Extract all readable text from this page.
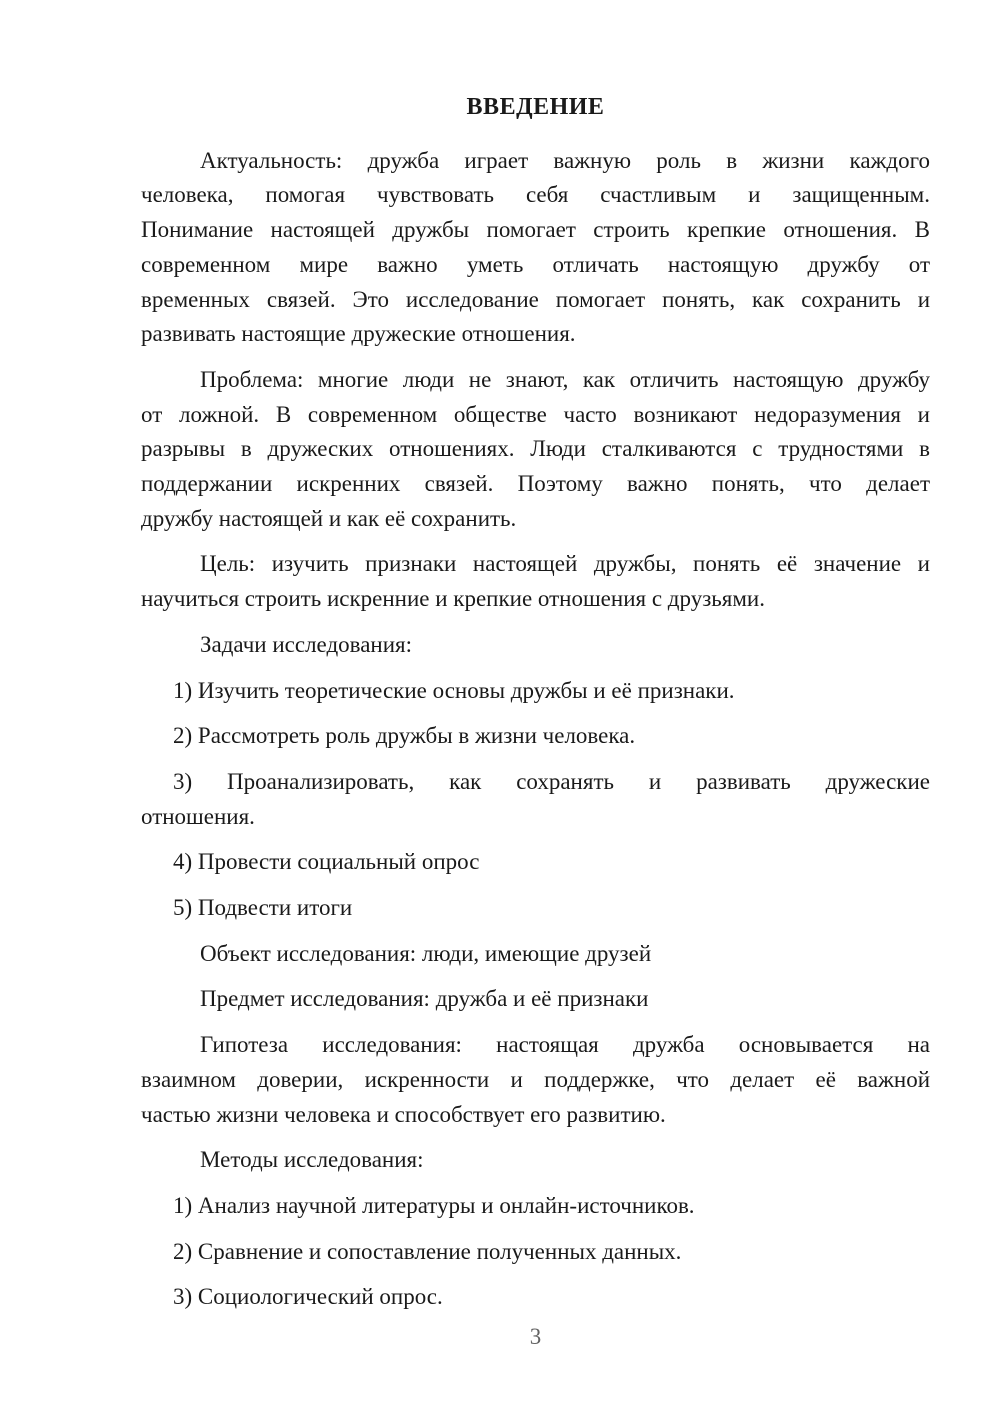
ВВЕДЕНИЕ

Актуальность: дружба играет важную роль в жизни каждого
человека, помогая чувствовать себя счастливым и защищенным.
Понимание настоящей дружбы помогает строить крепкие отношения. В
современном мире важно уметь отличать настоящую дружбу от
временных связей. Это исследование помогает понять, как сохранить и
развивать настоящие дружеские отношения.

Проблема: многие люди не знают, как отличить настоящую дружбу
от ложной. В современном обществе часто возникают недоразумения и
разрывы в дружеских отношениях. Люди сталкиваются с трудностями в
поддержании искренних связей. Поэтому важно понять, что делает
дружбу настоящей и как её сохранить.

Цель: изучить признаки настоящей дружбы, понять её значение и
научиться строить искренние и крепкие отношения с друзьями.

Задачи исследования:

1) Изучить теоретические основы дружбы и её признаки.

2) Рассмотреть роль дружбы в жизни человека.

3) Проанализировать, как сохранять и развивать дружеские
отношения.

4) Провести социальный опрос

5) Подвести итоги

Объект исследования: люди, имеющие друзей

Предмет исследования: дружба и её признаки

Гипотеза исследования: настоящая дружба основывается на
взаимном доверии, искренности и поддержке, что делает её важной
частью жизни человека и способствует его развитию.

Методы исследования:

1) Анализ научной литературы и онлайн-источников.

2) Сравнение и сопоставление полученных данных.

3) Социологический опрос.

3
